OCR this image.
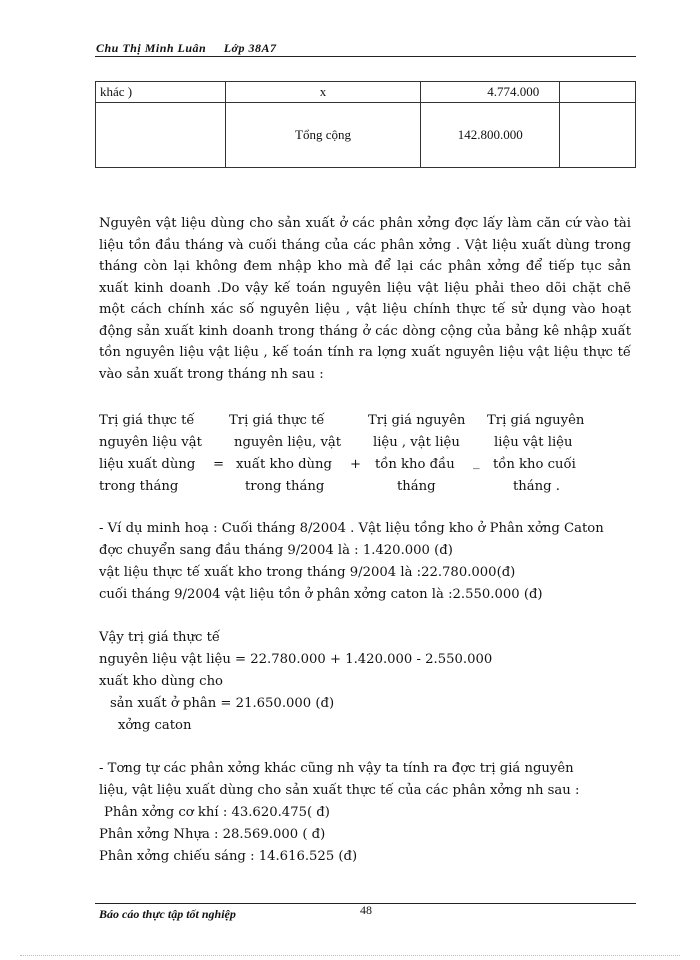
Chu Thị Minh Luân Lớp 38A7
khác )	x	4.774.000	
	Tổng cộng	142.800.000	
Nguyên vật liệu dùng cho sản xuất ở các phân xởng đợc lấy làm căn cứ vào tài liệu tồn đầu tháng và cuối tháng của các phân xởng . Vật liệu xuất dùng trong tháng còn lại không đem nhập kho mà để lại các phân xởng để tiếp tục sản xuất kinh doanh .Do vậy kế toán nguyên liệu vật liệu phải theo dõi chặt chẽ một cách chính xác số nguyên liệu , vật liệu chính thực tế sử dụng vào hoạt động sản xuất kinh doanh trong tháng ở các dòng cộng của bảng kê nhập xuất tồn nguyên liệu vật liệu , kế toán tính ra lợng xuất nguyên liệu vật liệu thực tế vào sản xuất trong tháng nh sau :
Trị giá thực tế
nguyên liệu vật
liệu xuất dùng
trong tháng
=
Trị giá thực tế
nguyên liệu, vật
xuất kho dùng
trong tháng
+
Trị giá nguyên
liệu , vật liệu
tồn kho đầu
tháng
_
Trị giá nguyên
liệu vật liệu
tồn kho cuối
tháng .
- Ví dụ minh hoạ : Cuối tháng 8/2004 . Vật liệu tồng kho ở Phân xởng Caton
đợc chuyển sang đầu tháng 9/2004 là : 1.420.000 (đ)
vật liệu thực tế xuất kho trong tháng 9/2004 là :22.780.000(đ)
cuối tháng 9/2004 vật liệu tồn ở phân xởng caton là :2.550.000 (đ)
Vậy trị giá thực tế
nguyên liệu vật liệu = 22.780.000 + 1.420.000 - 2.550.000
xuất kho dùng cho
sản xuất ở phân = 21.650.000 (đ)
xởng caton
- Tơng tự các phân xởng khác cũng nh vậy ta tính ra đợc trị giá nguyên
liệu, vật liệu xuất dùng cho sản xuất thực tế của các phân xởng nh sau :
Phân xởng cơ khí : 43.620.475( đ)
Phân xởng Nhựa : 28.569.000 ( đ)
Phân xởng chiếu sáng : 14.616.525 (đ)
Báo cáo thực tập tốt nghiệp	48
